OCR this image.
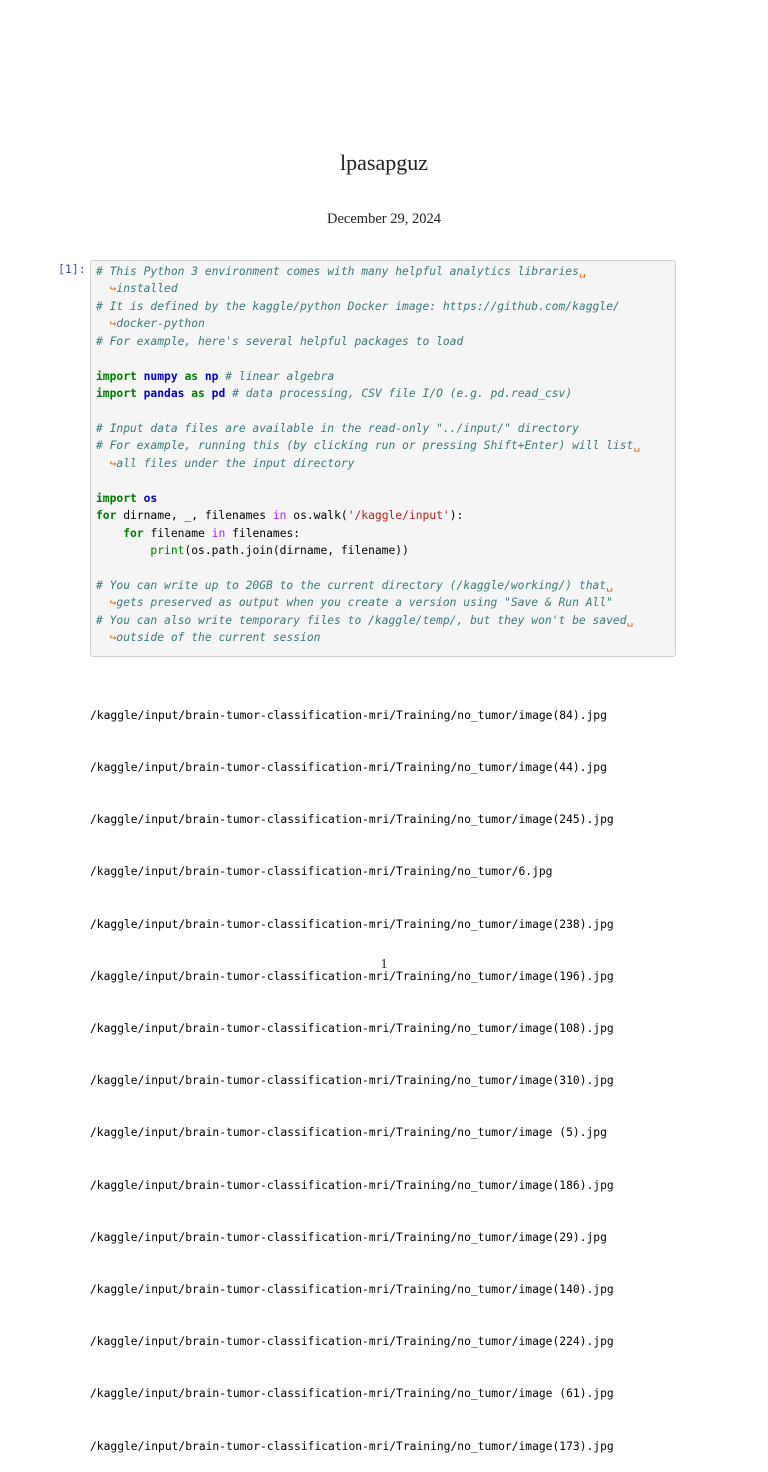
lpasapguz
December 29, 2024
[1]: # This Python 3 environment comes with many helpful analytics libraries␣
↪installed
# It is defined by the kaggle/python Docker image: https://github.com/kaggle/
↪docker-python
# For example, here's several helpful packages to load
import numpy as np # linear algebra
import pandas as pd # data processing, CSV file I/O (e.g. pd.read_csv)
# Input data files are available in the read-only "../input/" directory
# For example, running this (by clicking run or pressing Shift+Enter) will list␣
↪all files under the input directory
import os
for dirname, _, filenames in os.walk('/kaggle/input'):
for filename in filenames:
print(os.path.join(dirname, filename))
# You can write up to 20GB to the current directory (/kaggle/working/) that␣
↪gets preserved as output when you create a version using "Save & Run All"
# You can also write temporary files to /kaggle/temp/, but they won't be saved␣
↪outside of the current session

/kaggle/input/brain-tumor-classification-mri/Training/no_tumor/image(84).jpg

/kaggle/input/brain-tumor-classification-mri/Training/no_tumor/image(44).jpg

/kaggle/input/brain-tumor-classification-mri/Training/no_tumor/image(245).jpg

/kaggle/input/brain-tumor-classification-mri/Training/no_tumor/6.jpg

/kaggle/input/brain-tumor-classification-mri/Training/no_tumor/image(238).jpg

/kaggle/input/brain-tumor-classification-mri/Training/no_tumor/image(196).jpg

/kaggle/input/brain-tumor-classification-mri/Training/no_tumor/image(108).jpg

/kaggle/input/brain-tumor-classification-mri/Training/no_tumor/image(310).jpg

/kaggle/input/brain-tumor-classification-mri/Training/no_tumor/image (5).jpg

/kaggle/input/brain-tumor-classification-mri/Training/no_tumor/image(186).jpg

/kaggle/input/brain-tumor-classification-mri/Training/no_tumor/image(29).jpg

/kaggle/input/brain-tumor-classification-mri/Training/no_tumor/image(140).jpg

/kaggle/input/brain-tumor-classification-mri/Training/no_tumor/image(224).jpg

/kaggle/input/brain-tumor-classification-mri/Training/no_tumor/image (61).jpg

/kaggle/input/brain-tumor-classification-mri/Training/no_tumor/image(173).jpg

1
